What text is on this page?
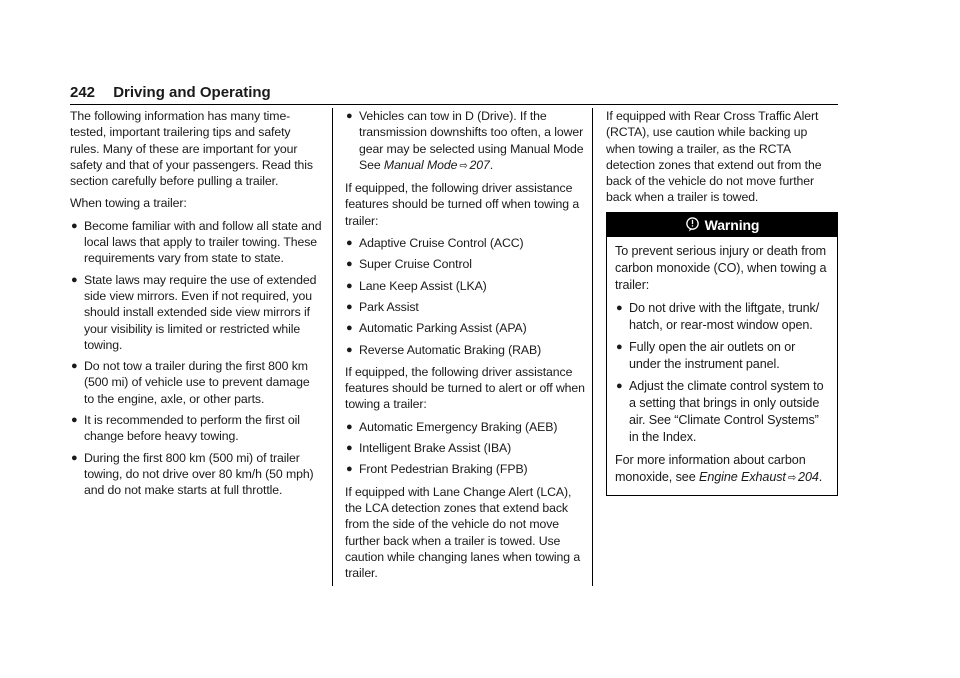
242 Driving and Operating

The following information has many time-tested, important trailering tips and safety rules. Many of these are important for your safety and that of your passengers. Read this section carefully before pulling a trailer.

When towing a trailer:

● Become familiar with and follow all state and local laws that apply to trailer towing. These requirements vary from state to state.
● State laws may require the use of extended side view mirrors. Even if not required, you should install extended side view mirrors if your visibility is limited or restricted while towing.
● Do not tow a trailer during the first 800 km (500 mi) of vehicle use to prevent damage to the engine, axle, or other parts.
● It is recommended to perform the first oil change before heavy towing.
● During the first 800 km (500 mi) of trailer towing, do not drive over 80 km/h (50 mph) and do not make starts at full throttle.
● Vehicles can tow in D (Drive). If the transmission downshifts too often, a lower gear may be selected using Manual Mode See Manual Mode ⇨ 207.

If equipped, the following driver assistance features should be turned off when towing a trailer:

● Adaptive Cruise Control (ACC)
● Super Cruise Control
● Lane Keep Assist (LKA)
● Park Assist
● Automatic Parking Assist (APA)
● Reverse Automatic Braking (RAB)

If equipped, the following driver assistance features should be turned to alert or off when towing a trailer:

● Automatic Emergency Braking (AEB)
● Intelligent Brake Assist (IBA)
● Front Pedestrian Braking (FPB)

If equipped with Lane Change Alert (LCA), the LCA detection zones that extend back from the side of the vehicle do not move further back when a trailer is towed. Use caution while changing lanes when towing a trailer.

If equipped with Rear Cross Traffic Alert (RCTA), use caution while backing up when towing a trailer, as the RCTA detection zones that extend out from the back of the vehicle do not move further back when a trailer is towed.

Warning

To prevent serious injury or death from carbon monoxide (CO), when towing a trailer:

● Do not drive with the liftgate, trunk/ hatch, or rear-most window open.
● Fully open the air outlets on or under the instrument panel.
● Adjust the climate control system to a setting that brings in only outside air. See “Climate Control Systems” in the Index.

For more information about carbon monoxide, see Engine Exhaust ⇨ 204.
